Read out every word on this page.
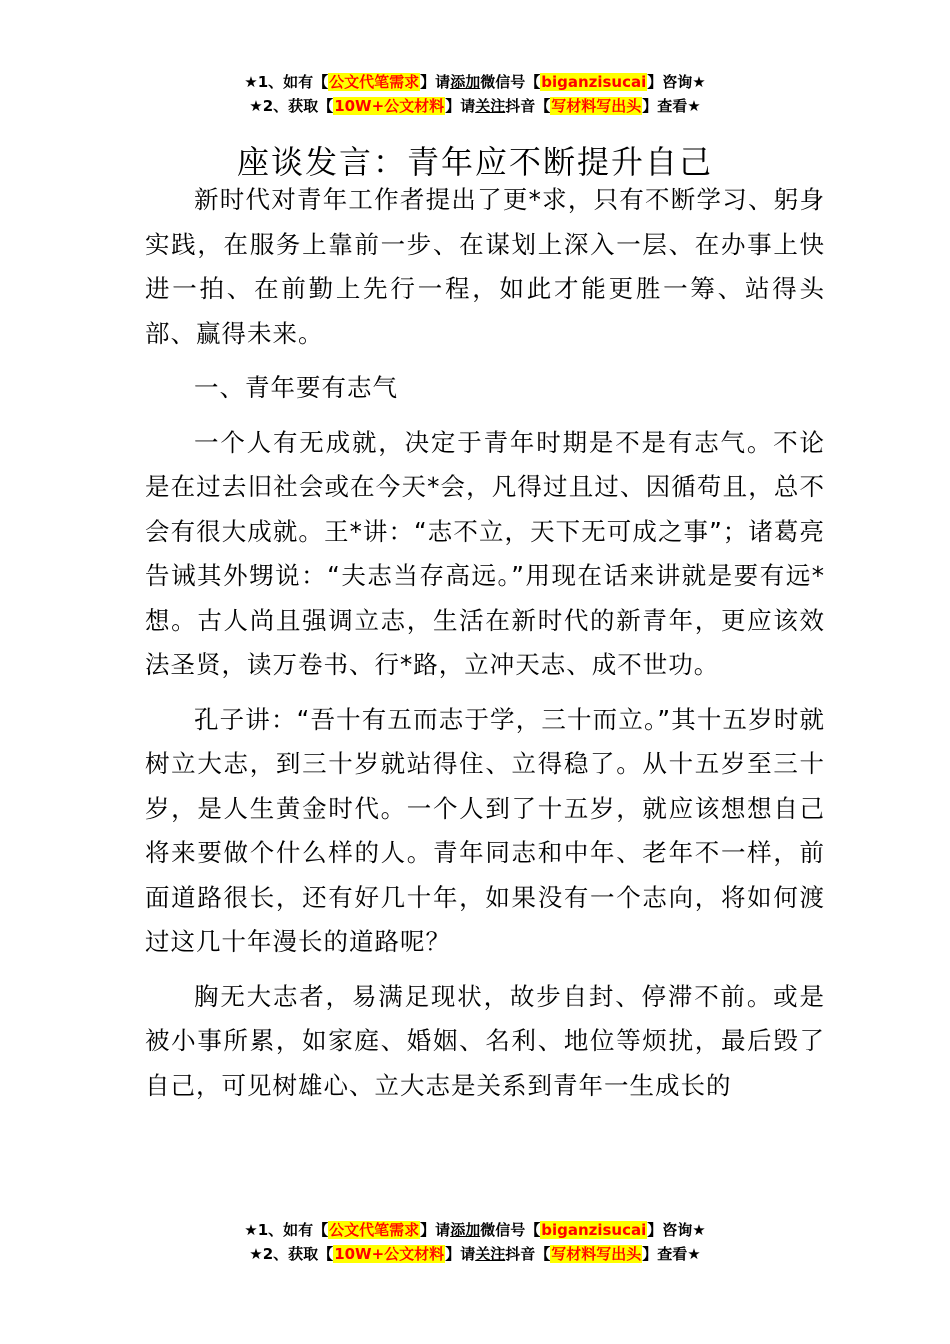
★1、如有【公文代笔需求】请添加微信号【biganzisucai】咨询★
★2、获取【10W+公文材料】请关注抖音【写材料写出头】查看★
座谈发言：青年应不断提升自己

新时代对青年工作者提出了更*求，只有不断学习、躬身实践，在服务上靠前一步、在谋划上深入一层、在办事上快进一拍、在前勤上先行一程，如此才能更胜一筹、站得头部、赢得未来。

一、青年要有志气

一个人有无成就，决定于青年时期是不是有志气。不论是在过去旧社会或在今天*会，凡得过且过、因循苟且，总不会有很大成就。王*讲：“志不立，天下无可成之事”；诸葛亮告诫其外甥说：“夫志当存高远。”用现在话来讲就是要有远*想。古人尚且强调立志，生活在新时代的新青年，更应该效法圣贤，读万卷书、行*路，立冲天志、成不世功。

孔子讲：“吾十有五而志于学，三十而立。”其十五岁时就树立大志，到三十岁就站得住、立得稳了。从十五岁至三十岁，是人生黄金时代。一个人到了十五岁，就应该想想自己将来要做个什么样的人。青年同志和中年、老年不一样，前面道路很长，还有好几十年，如果没有一个志向，将如何渡过这几十年漫长的道路呢？

胸无大志者，易满足现状，故步自封、停滞不前。或是被小事所累，如家庭、婚姻、名利、地位等烦扰，最后毁了自己，可见树雄心、立大志是关系到青年一生成长的

★1、如有【公文代笔需求】请添加微信号【biganzisucai】咨询★
★2、获取【10W+公文材料】请关注抖音【写材料写出头】查看★
